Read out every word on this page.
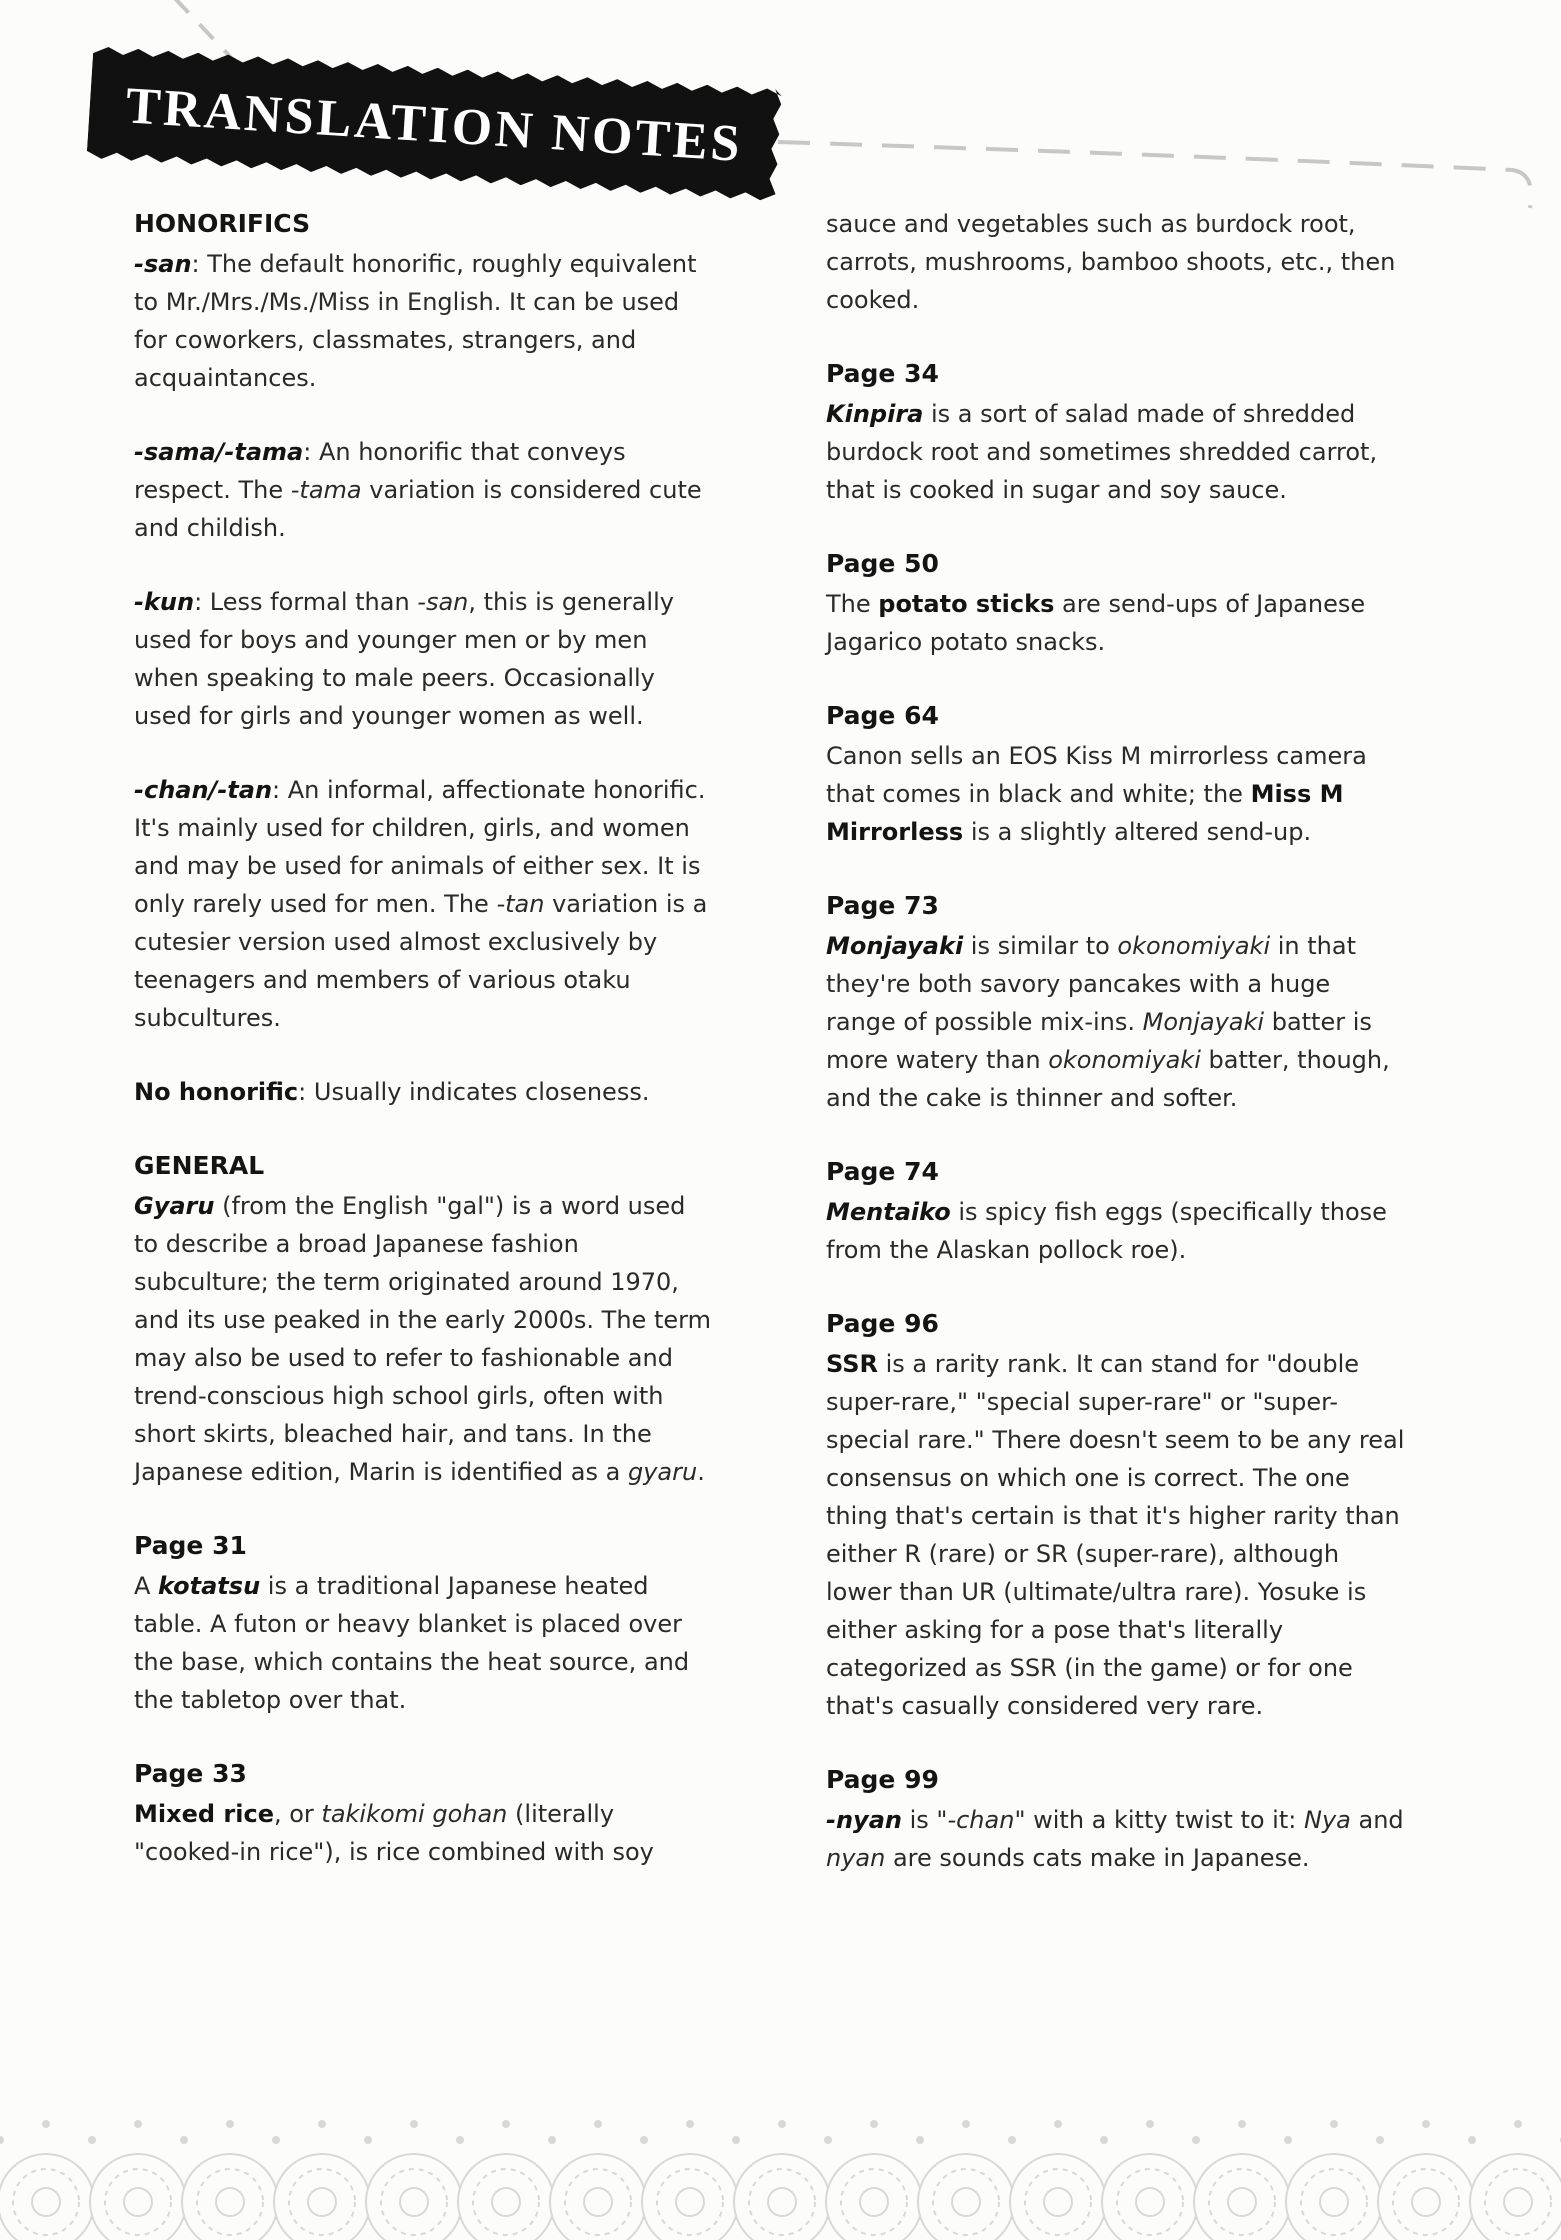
TRANSLATION NOTES
HONORIFICS

-san: The default honorific, roughly equivalent to Mr./Mrs./Ms./Miss in English. It can be used for coworkers, classmates, strangers, and acquaintances.

-sama/-tama: An honorific that conveys respect. The -tama variation is considered cute and childish.

-kun: Less formal than -san, this is generally used for boys and younger men or by men when speaking to male peers. Occasionally used for girls and younger women as well.

-chan/-tan: An informal, affectionate honorific. It's mainly used for children, girls, and women and may be used for animals of either sex. It is only rarely used for men. The -tan variation is a cutesier version used almost exclusively by teenagers and members of various otaku subcultures.

No honorific: Usually indicates closeness.

GENERAL

Gyaru (from the English "gal") is a word used to describe a broad Japanese fashion subculture; the term originated around 1970, and its use peaked in the early 2000s. The term may also be used to refer to fashionable and trend-conscious high school girls, often with short skirts, bleached hair, and tans. In the Japanese edition, Marin is identified as a gyaru.

Page 31

A kotatsu is a traditional Japanese heated table. A futon or heavy blanket is placed over the base, which contains the heat source, and the tabletop over that.

Page 33

Mixed rice, or takikomi gohan (literally "cooked-in rice"), is rice combined with soy

sauce and vegetables such as burdock root, carrots, mushrooms, bamboo shoots, etc., then cooked.

Page 34

Kinpira is a sort of salad made of shredded burdock root and sometimes shredded carrot, that is cooked in sugar and soy sauce.

Page 50

The potato sticks are send-ups of Japanese Jagarico potato snacks.

Page 64

Canon sells an EOS Kiss M mirrorless camera that comes in black and white; the Miss M Mirrorless is a slightly altered send-up.

Page 73

Monjayaki is similar to okonomiyaki in that they're both savory pancakes with a huge range of possible mix-ins. Monjayaki batter is more watery than okonomiyaki batter, though, and the cake is thinner and softer.

Page 74

Mentaiko is spicy fish eggs (specifically those from the Alaskan pollock roe).

Page 96

SSR is a rarity rank. It can stand for "double super-rare," "special super-rare" or "super-special rare." There doesn't seem to be any real consensus on which one is correct. The one thing that's certain is that it's higher rarity than either R (rare) or SR (super-rare), although lower than UR (ultimate/ultra rare). Yosuke is either asking for a pose that's literally categorized as SSR (in the game) or for one that's casually considered very rare.

Page 99

-nyan is "-chan" with a kitty twist to it: Nya and nyan are sounds cats make in Japanese.
